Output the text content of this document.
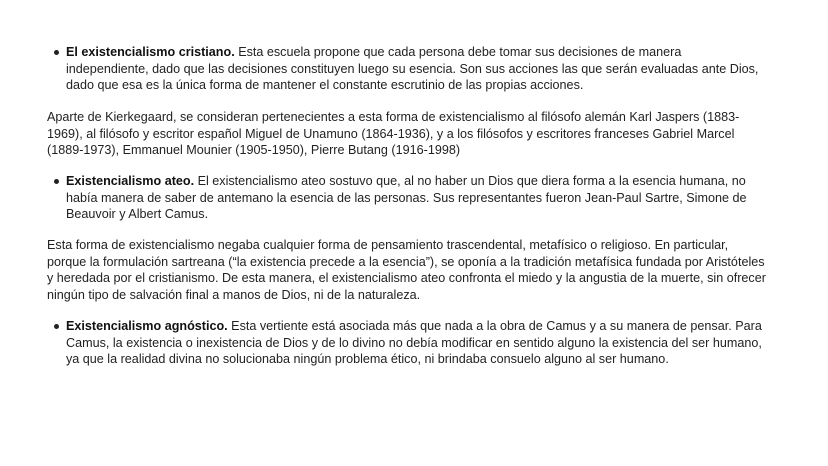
El existencialismo cristiano. Esta escuela propone que cada persona debe tomar sus decisiones de manera independiente, dado que las decisiones constituyen luego su esencia. Son sus acciones las que serán evaluadas ante Dios, dado que esa es la única forma de mantener el constante escrutinio de las propias acciones.

Aparte de Kierkegaard, se consideran pertenecientes a esta forma de existencialismo al filósofo alemán Karl Jaspers (1883-1969), al filósofo y escritor español Miguel de Unamuno (1864-1936), y a los filósofos y escritores franceses Gabriel Marcel (1889-1973), Emmanuel Mounier (1905-1950), Pierre Butang (1916-1998)

Existencialismo ateo. El existencialismo ateo sostuvo que, al no haber un Dios que diera forma a la esencia humana, no había manera de saber de antemano la esencia de las personas. Sus representantes fueron Jean-Paul Sartre, Simone de Beauvoir y Albert Camus.

Esta forma de existencialismo negaba cualquier forma de pensamiento trascendental, metafísico o religioso. En particular, porque la formulación sartreana (“la existencia precede a la esencia”), se oponía a la tradición metafísica fundada por Aristóteles y heredada por el cristianismo. De esta manera, el existencialismo ateo confronta el miedo y la angustia de la muerte, sin ofrecer ningún tipo de salvación final a manos de Dios, ni de la naturaleza.

Existencialismo agnóstico. Esta vertiente está asociada más que nada a la obra de Camus y a su manera de pensar. Para Camus, la existencia o inexistencia de Dios y de lo divino no debía modificar en sentido alguno la existencia del ser humano, ya que la realidad divina no solucionaba ningún problema ético, ni brindaba consuelo alguno al ser humano.
